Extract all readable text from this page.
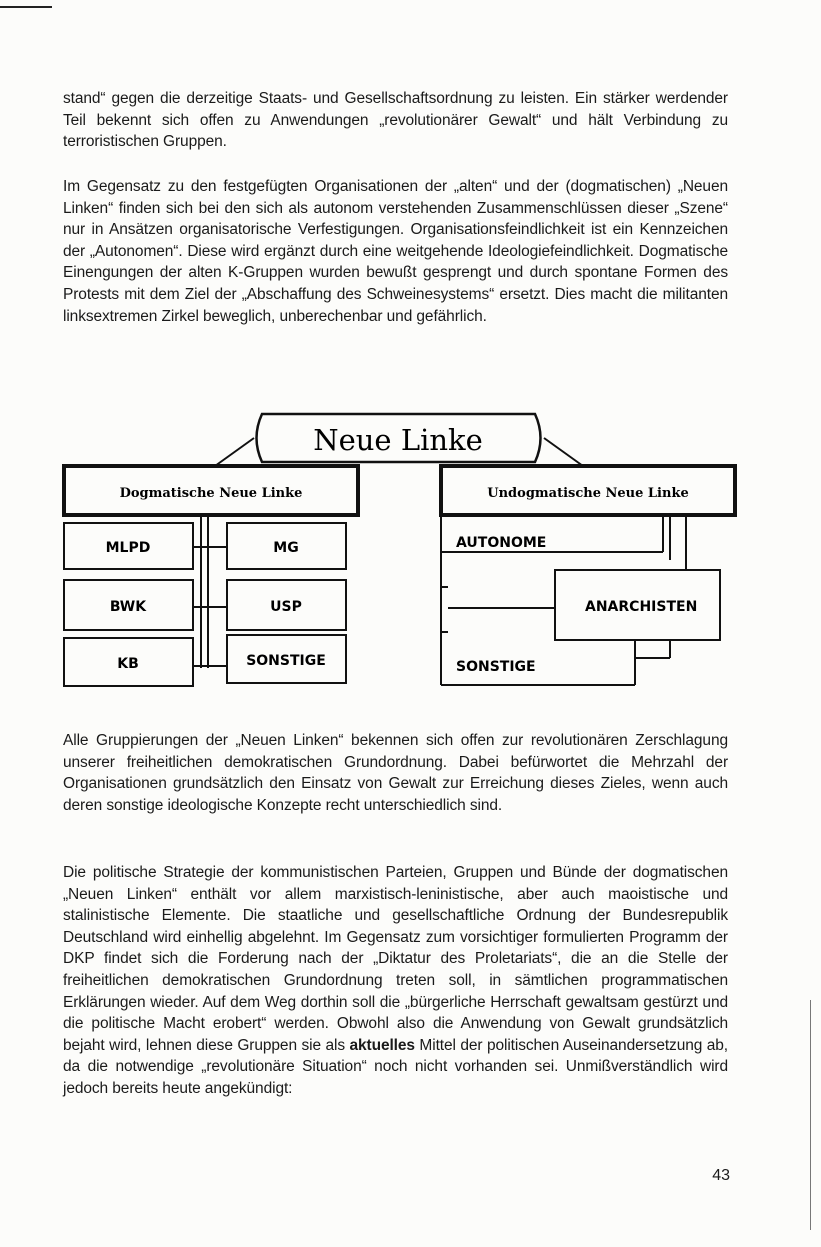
stand“ gegen die derzeitige Staats- und Gesellschaftsordnung zu leisten. Ein stärker werdender Teil bekennt sich offen zu Anwendungen „revolutionärer Gewalt“ und hält Verbindung zu terroristischen Gruppen.

Im Gegensatz zu den festgefügten Organisationen der „alten“ und der (dogmatischen) „Neuen Linken“ finden sich bei den sich als autonom verstehenden Zusammenschlüssen dieser „Szene“ nur in Ansätzen organisatorische Verfestigungen. Organisationsfeindlichkeit ist ein Kennzeichen der „Autonomen“. Diese wird ergänzt durch eine weitgehende Ideologiefeindlichkeit. Dogmatische Einengungen der alten K-Gruppen wurden bewußt gesprengt und durch spontane Formen des Protests mit dem Ziel der „Abschaffung des Schweinesystems“ ersetzt. Dies macht die militanten linksextremen Zirkel beweglich, unberechenbar und gefährlich.

Neue Linke
Dogmatische Neue Linke	Undogmatische Neue Linke
MLPD
BWK
KB
MG
USP
SONSTIGE
AUTONOME
ANARCHISTEN
SONSTIGE

Alle Gruppierungen der „Neuen Linken“ bekennen sich offen zur revolutionären Zerschlagung unserer freiheitlichen demokratischen Grundordnung. Dabei befürwortet die Mehrzahl der Organisationen grundsätzlich den Einsatz von Gewalt zur Erreichung dieses Zieles, wenn auch deren sonstige ideologische Konzepte recht unterschiedlich sind.

Die politische Strategie der kommunistischen Parteien, Gruppen und Bünde der dogmatischen „Neuen Linken“ enthält vor allem marxistisch-leninistische, aber auch maoistische und stalinistische Elemente. Die staatliche und gesellschaftliche Ordnung der Bundesrepublik Deutschland wird einhellig abgelehnt. Im Gegensatz zum vorsichtiger formulierten Programm der DKP findet sich die Forderung nach der „Diktatur des Proletariats“, die an die Stelle der freiheitlichen demokratischen Grundordnung treten soll, in sämtlichen programmatischen Erklärungen wieder. Auf dem Weg dorthin soll die „bürgerliche Herrschaft gewaltsam gestürzt und die politische Macht erobert“ werden. Obwohl also die Anwendung von Gewalt grundsätzlich bejaht wird, lehnen diese Gruppen sie als aktuelles Mittel der politischen Auseinandersetzung ab, da die notwendige „revolutionäre Situation“ noch nicht vorhanden sei. Unmißverständlich wird jedoch bereits heute angekündigt:

43
